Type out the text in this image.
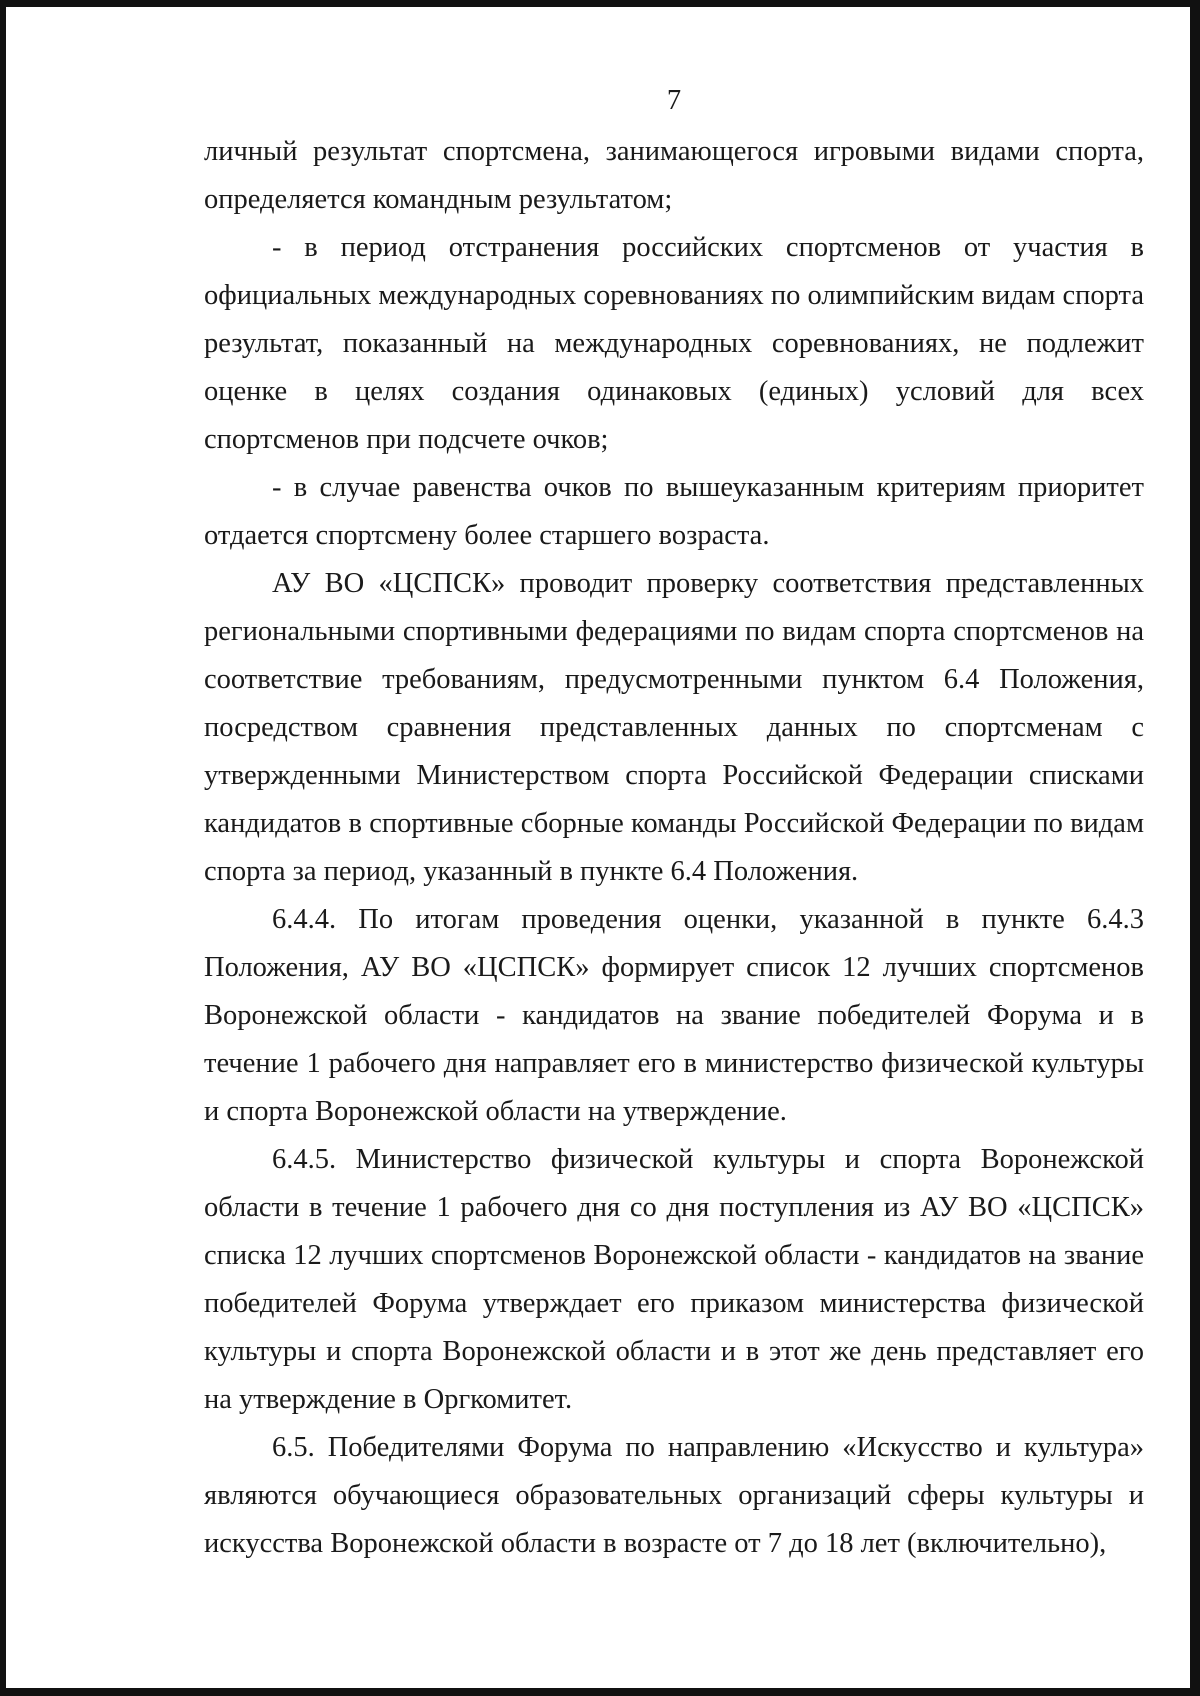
7

личный результат спортсмена, занимающегося игровыми видами спорта, определяется командным результатом;

- в период отстранения российских спортсменов от участия в официальных международных соревнованиях по олимпийским видам спорта результат, показанный на международных соревнованиях, не подлежит оценке в целях создания одинаковых (единых) условий для всех спортсменов при подсчете очков;

- в случае равенства очков по вышеуказанным критериям приоритет отдается спортсмену более старшего возраста.

АУ ВО «ЦСПСК» проводит проверку соответствия представленных региональными спортивными федерациями по видам спорта спортсменов на соответствие требованиям, предусмотренными пунктом 6.4 Положения, посредством сравнения представленных данных по спортсменам с утвержденными Министерством спорта Российской Федерации списками кандидатов в спортивные сборные команды Российской Федерации по видам спорта за период, указанный в пункте 6.4 Положения.

6.4.4. По итогам проведения оценки, указанной в пункте 6.4.3 Положения, АУ ВО «ЦСПСК» формирует список 12 лучших спортсменов Воронежской области - кандидатов на звание победителей Форума и в течение 1 рабочего дня направляет его в министерство физической культуры и спорта Воронежской области на утверждение.

6.4.5. Министерство физической культуры и спорта Воронежской области в течение 1 рабочего дня со дня поступления из АУ ВО «ЦСПСК» списка 12 лучших спортсменов Воронежской области - кандидатов на звание победителей Форума утверждает его приказом министерства физической культуры и спорта Воронежской области и в этот же день представляет его на утверждение в Оргкомитет.

6.5. Победителями Форума по направлению «Искусство и культура» являются обучающиеся образовательных организаций сферы культуры и искусства Воронежской области в возрасте от 7 до 18 лет (включительно),
